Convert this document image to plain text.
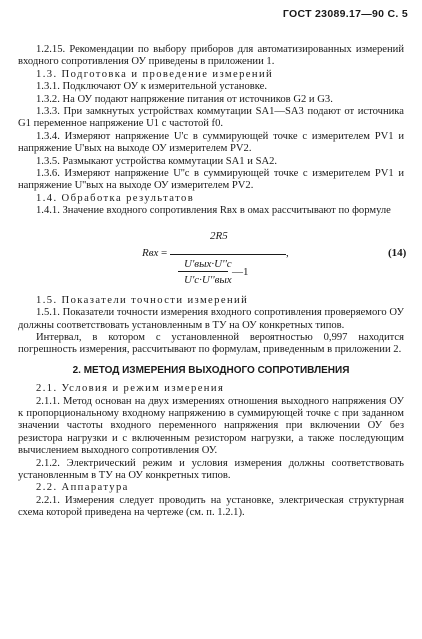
ГОСТ 23089.17—90 С. 5

1.2.15. Рекомендации по выбору приборов для автоматизированных измерений входного сопротивления ОУ приведены в приложении 1.

1.3. Подготовка и проведение измерений

1.3.1. Подключают ОУ к измерительной установке.

1.3.2. На ОУ подают напряжение питания от источников G2 и G3.

1.3.3. При замкнутых устройствах коммутации SA1—SA3 подают от источника G1 переменное напряжение U1 с частотой f0.

1.3.4. Измеряют напряжение U'c в суммирующей точке с измерителем PV1 и напряжение U'вых на выходе ОУ измерителем PV2.

1.3.5. Размыкают устройства коммутации SA1 и SA2.

1.3.6. Измеряют напряжение U''c в суммирующей точке с измерителем PV1 и напряжение U''вых на выходе ОУ измерителем PV2.

1.4. Обработка результатов

1.4.1. Значение входного сопротивления Rвх в омах рассчитывают по формуле

Rвх =
2R5
U'вых·U''c
U'c·U''вых
—1
,	(14)

1.5. Показатели точности измерений

1.5.1. Показатели точности измерения входного сопротивления проверяемого ОУ должны соответствовать установленным в ТУ на ОУ конкретных типов.

Интервал, в котором с установленной вероятностью 0,997 находится погрешность измерения, рассчитывают по формулам, приведенным в приложении 2.

2. МЕТОД ИЗМЕРЕНИЯ ВЫХОДНОГО СОПРОТИВЛЕНИЯ

2.1. Условия и режим измерения

2.1.1. Метод основан на двух измерениях отношения выходного напряжения ОУ к пропорциональному входному напряжению в суммирующей точке с при заданном значении частоты входного переменного напряжения при включении ОУ без резистора нагрузки и с включенным резистором нагрузки, а также последующим вычислением выходного сопротивления ОУ.

2.1.2. Электрический режим и условия измерения должны соответствовать установленным в ТУ на ОУ конкретных типов.

2.2. Аппаратура

2.2.1. Измерения следует проводить на установке, электрическая структурная схема которой приведена на чертеже (см. п. 1.2.1).
